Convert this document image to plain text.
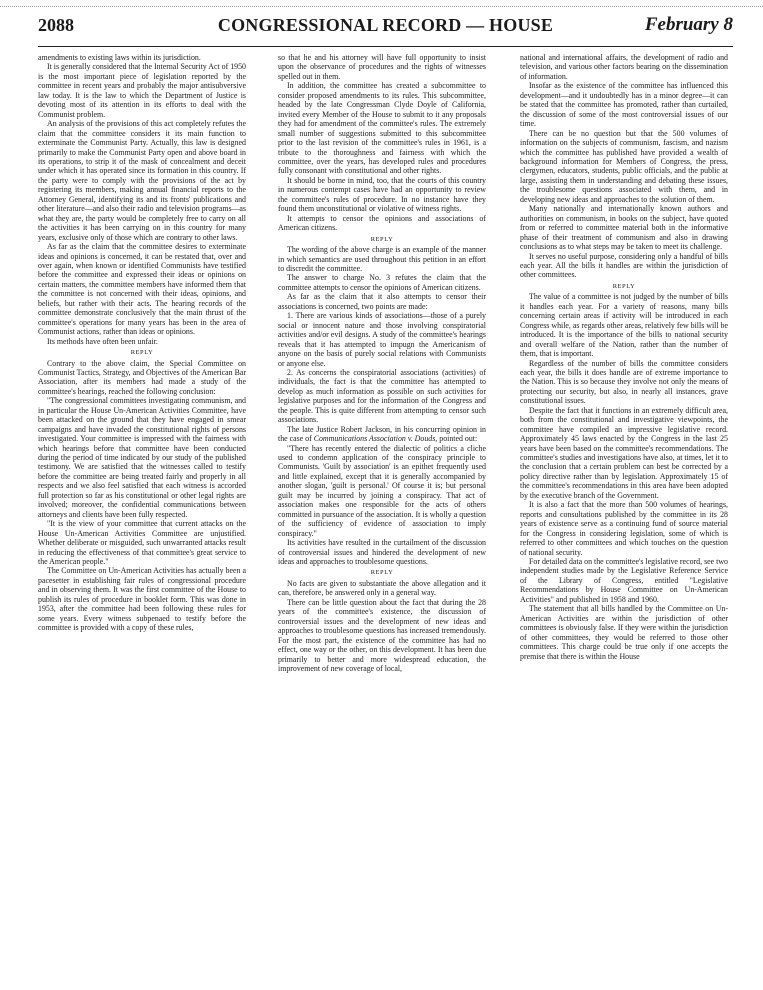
CONGRESSIONAL RECORD — HOUSE
2088	February 8

amendments to existing laws within its jurisdiction.

It is generally considered that the Internal Security Act of 1950 is the most important piece of legislation reported by the committee in recent years and probably the major antisubversive law today. It is the law to which the Department of Justice is devoting most of its attention in its efforts to deal with the Communist problem.

An analysis of the provisions of this act completely refutes the claim that the committee considers it its main function to exterminate the Communist Party. Actually, this law is designed primarily to make the Communist Party open and above board in its operations, to strip it of the mask of concealment and deceit under which it has operated since its formation in this country. If the party were to comply with the provisions of the act by registering its members, making annual financial reports to the Attorney General, identifying its and its fronts' publications and other literature—and also their radio and television programs—as what they are, the party would be completely free to carry on all the activities it has been carrying on in this country for many years, exclusive only of those which are contrary to other laws.

As far as the claim that the committee desires to exterminate ideas and opinions is concerned, it can be restated that, over and over again, when known or identified Communists have testified before the committee and expressed their ideas or opinions on certain matters, the committee members have informed them that the committee is not concerned with their ideas, opinions, and beliefs, but rather with their acts. The hearing records of the committee demonstrate conclusively that the main thrust of the committee's operations for many years has been in the area of Communist actions, rather than ideas or opinions.

Its methods have often been unfair.

REPLY

Contrary to the above claim, the Special Committee on Communist Tactics, Strategy, and Objectives of the American Bar Association, after its members had made a study of the committee's hearings, reached the following conclusion:

"The congressional committees investigating communism, and in particular the House Un-American Activities Committee, have been attacked on the ground that they have engaged in smear campaigns and have invaded the constitutional rights of persons investigated. Your committee is impressed with the fairness with which hearings before that committee have been conducted during the period of time indicated by our study of the published testimony. We are satisfied that the witnesses called to testify before the committee are being treated fairly and properly in all respects and we also feel satisfied that each witness is accorded full protection so far as his constitutional or other legal rights are involved; moreover, the confidential communications between attorneys and clients have been fully respected.

"It is the view of your committee that current attacks on the House Un-American Activities Committee are unjustified. Whether deliberate or misguided, such unwarranted attacks result in reducing the effectiveness of that committee's great service to the American people."

The Committee on Un-American Activities has actually been a pacesetter in establishing fair rules of congressional procedure and in observing them. It was the first committee of the House to publish its rules of procedure in booklet form. This was done in 1953, after the committee had been following these rules for some years. Every witness subpenaed to testify before the committee is provided with a copy of these rules,

so that he and his attorney will have full opportunity to insist upon the observance of procedures and the rights of witnesses spelled out in them.

In addition, the committee has created a subcommittee to consider proposed amendments to its rules. This subcommittee, headed by the late Congressman Clyde Doyle of California, invited every Member of the House to submit to it any proposals they had for amendment of the committee's rules. The extremely small number of suggestions submitted to this subcommittee prior to the last revision of the committee's rules in 1961, is a tribute to the thoroughness and fairness with which the committee, over the years, has developed rules and procedures fully consonant with constitutional and other rights.

It should be borne in mind, too, that the courts of this country in numerous contempt cases have had an opportunity to review the committee's rules of procedure. In no instance have they found them unconstitutional or violative of witness rights.

It attempts to censor the opinions and associations of American citizens.

REPLY

The wording of the above charge is an example of the manner in which semantics are used throughout this petition in an effort to discredit the committee.

The answer to charge No. 3 refutes the claim that the committee attempts to censor the opinions of American citizens.

As far as the claim that it also attempts to censor their associations is concerned, two points are made:

1. There are various kinds of associations—those of a purely social or innocent nature and those involving conspiratorial activities and/or evil designs. A study of the committee's hearings reveals that it has attempted to impugn the Americanism of anyone on the basis of purely social relations with Communists or anyone else.

2. As concerns the conspiratorial associations (activities) of individuals, the fact is that the committee has attempted to develop as much information as possible on such activities for legislative purposes and for the information of the Congress and the people. This is quite different from attempting to censor such associations.

The late Justice Robert Jackson, in his concurring opinion in the case of Communications Association v. Douds, pointed out:

"There has recently entered the dialectic of politics a cliche used to condemn application of the conspiracy principle to Communists. 'Guilt by association' is an epithet frequently used and little explained, except that it is generally accompanied by another slogan, 'guilt is personal.' Of course it is; but personal guilt may be incurred by joining a conspiracy. That act of association makes one responsible for the acts of others committed in pursuance of the association. It is wholly a question of the sufficiency of evidence of association to imply conspiracy."

Its activities have resulted in the curtailment of the discussion of controversial issues and hindered the development of new ideas and approaches to troublesome questions.

REPLY

No facts are given to substantiate the above allegation and it can, therefore, be answered only in a general way.

There can be little question about the fact that during the 28 years of the committee's existence, the discussion of controversial issues and the development of new ideas and approaches to troublesome questions has increased tremendously. For the most part, the existence of the committee has had no effect, one way or the other, on this development. It has been due primarily to better and more widespread education, the improvement of new coverage of local,

national and international affairs, the development of radio and television, and various other factors bearing on the dissemination of information.

Insofar as the existence of the committee has influenced this development—and it undoubtedly has in a minor degree—it can be stated that the committee has promoted, rather than curtailed, the discussion of some of the most controversial issues of our time.

There can be no question but that the 500 volumes of information on the subjects of communism, fascism, and nazism which the committee has published have provided a wealth of background information for Members of Congress, the press, clergymen, educators, students, public officials, and the public at large, assisting them in understanding and debating these issues, the troublesome questions associated with them, and in developing new ideas and approaches to the solution of them.

Many nationally and internationally known authors and authorities on communism, in books on the subject, have quoted from or referred to committee material both in the informative phase of their treatment of communism and also in drawing conclusions as to what steps may be taken to meet its challenge.

It serves no useful purpose, considering only a handful of bills each year. All the bills it handles are within the jurisdiction of other committees.

REPLY

The value of a committee is not judged by the number of bills it handles each year. For a variety of reasons, many bills concerning certain areas if activity will be introduced in each Congress while, as regards other areas, relatively few bills will be introduced. It is the importance of the bills to national security and overall welfare of the Nation, rather than the number of them, that is important.

Regardless of the number of bills the committee considers each year, the bills it does handle are of extreme importance to the Nation. This is so because they involve not only the means of protecting our security, but also, in nearly all instances, grave constitutional issues.

Despite the fact that it functions in an extremely difficult area, both from the constitutional and investigative viewpoints, the committee have compiled an impressive legislative record. Approximately 45 laws enacted by the Congress in the last 25 years have been based on the committee's recommendations. The committee's studies and investigations have also, at times, let it to the conclusion that a certain problem can best be corrected by a policy directive rather than by legislation. Approximately 15 of the committee's recommendations in this area have been adopted by the executive branch of the Government.

It is also a fact that the more than 500 volumes of hearings, reports and consultations published by the committee in its 28 years of existence serve as a continuing fund of source material for the Congress in considering legislation, some of which is referred to other committees and which touches on the question of national security.

For detailed data on the committee's legislative record, see two independent studies made by the Legislative Reference Service of the Library of Congress, entitled "Legislative Recommendations by House Committee on Un-American Activities" and published in 1958 and 1960.

The statement that all bills handled by the Committee on Un-American Activities are within the jurisdiction of other committees is obviously false. If they were within the jurisdiction of other committees, they would be referred to those other committees. This charge could be true only if one accepts the premise that there is within the House
